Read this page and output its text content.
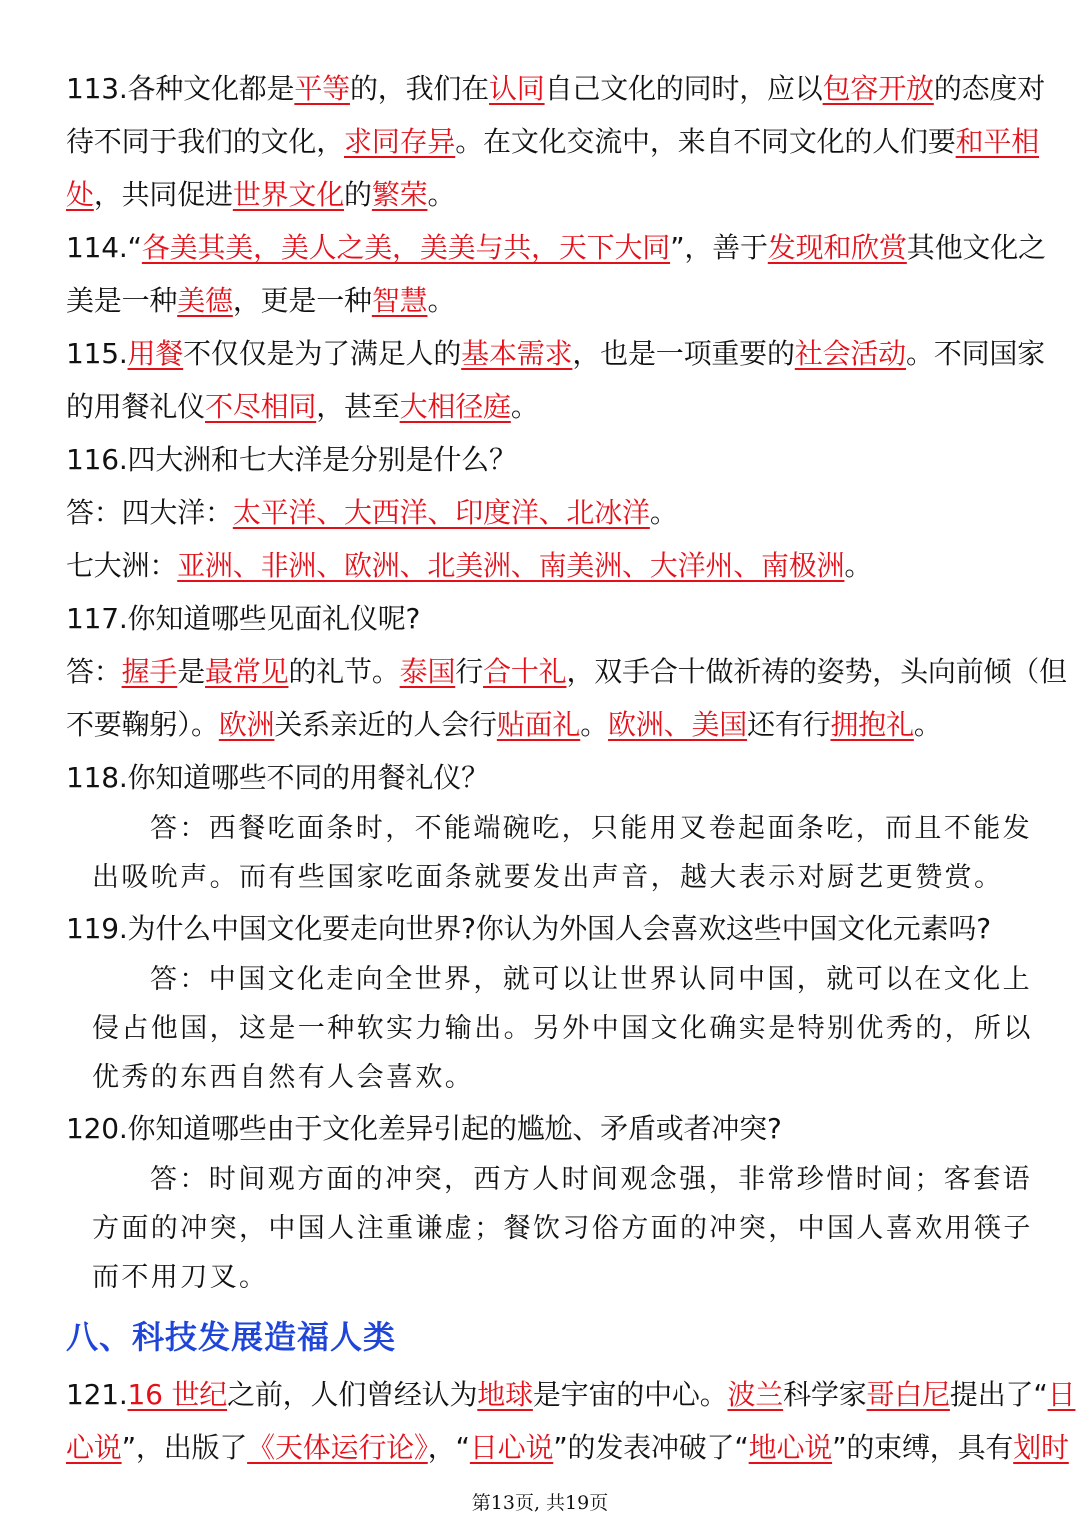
113.各种文化都是平等的，我们在认同自己文化的同时，应以包容开放的态度对
待不同于我们的文化，求同存异。在文化交流中，来自不同文化的人们要和平相
处，共同促进世界文化的繁荣。
114.“各美其美，美人之美，美美与共，天下大同”，善于发现和欣赏其他文化之
美是一种美德，更是一种智慧。
115.用餐不仅仅是为了满足人的基本需求，也是一项重要的社会活动。不同国家
的用餐礼仪不尽相同，甚至大相径庭。
116.四大洲和七大洋是分别是什么？
答：四大洋：太平洋、大西洋、印度洋、北冰洋。
七大洲：亚洲、非洲、欧洲、北美洲、南美洲、大洋州、南极洲。
117.你知道哪些见面礼仪呢?
答：握手是最常见的礼节。泰国行合十礼，双手合十做祈祷的姿势，头向前倾（但
不要鞠躬）。欧洲关系亲近的人会行贴面礼。欧洲、美国还有行拥抱礼。
118.你知道哪些不同的用餐礼仪？
答：西餐吃面条时，不能端碗吃，只能用叉卷起面条吃，而且不能发
出吸吮声。而有些国家吃面条就要发出声音，越大表示对厨艺更赞赏。
119.为什么中国文化要走向世界?你认为外国人会喜欢这些中国文化元素吗?
答：中国文化走向全世界，就可以让世界认同中国，就可以在文化上
侵占他国，这是一种软实力输出。另外中国文化确实是特别优秀的，所以
优秀的东西自然有人会喜欢。
120.你知道哪些由于文化差异引起的尴尬、矛盾或者冲突?
答：时间观方面的冲突，西方人时间观念强，非常珍惜时间；客套语
方面的冲突，中国人注重谦虚；餐饮习俗方面的冲突，中国人喜欢用筷子
而不用刀叉。
八、科技发展造福人类
121.16 世纪之前，人们曾经认为地球是宇宙的中心。波兰科学家哥白尼提出了“日
心说”，出版了《天体运行论》，“日心说”的发表冲破了“地心说”的束缚，具有划时
第13页, 共19页
